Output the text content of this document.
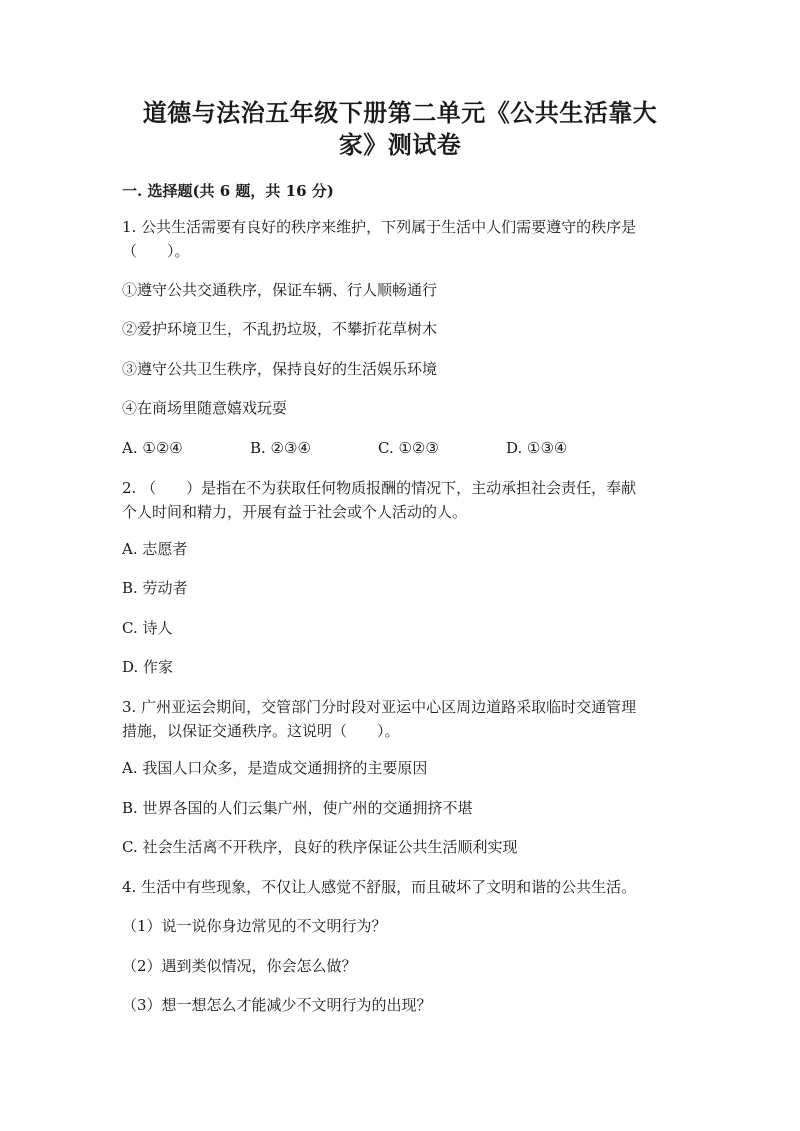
道德与法治五年级下册第二单元《公共生活靠大
家》测试卷
一. 选择题(共 6 题，共 16 分)
1. 公共生活需要有良好的秩序来维护，下列属于生活中人们需要遵守的秩序是
（　　）。
①遵守公共交通秩序，保证车辆、行人顺畅通行
②爱护环境卫生，不乱扔垃圾，不攀折花草树木
③遵守公共卫生秩序，保持良好的生活娱乐环境
④在商场里随意嬉戏玩耍
A. ①②④	B. ②③④	C. ①②③	D. ①③④
2. （　　）是指在不为获取任何物质报酬的情况下，主动承担社会责任，奉献
个人时间和精力，开展有益于社会或个人活动的人。
A. 志愿者
B. 劳动者
C. 诗人
D. 作家
3. 广州亚运会期间，交管部门分时段对亚运中心区周边道路采取临时交通管理
措施，以保证交通秩序。这说明（　　）。
A. 我国人口众多，是造成交通拥挤的主要原因
B. 世界各国的人们云集广州，使广州的交通拥挤不堪
C. 社会生活离不开秩序，良好的秩序保证公共生活顺利实现
4. 生活中有些现象，不仅让人感觉不舒服，而且破坏了文明和谐的公共生活。
（1）说一说你身边常见的不文明行为？
（2）遇到类似情况，你会怎么做？
（3）想一想怎么才能减少不文明行为的出现？
